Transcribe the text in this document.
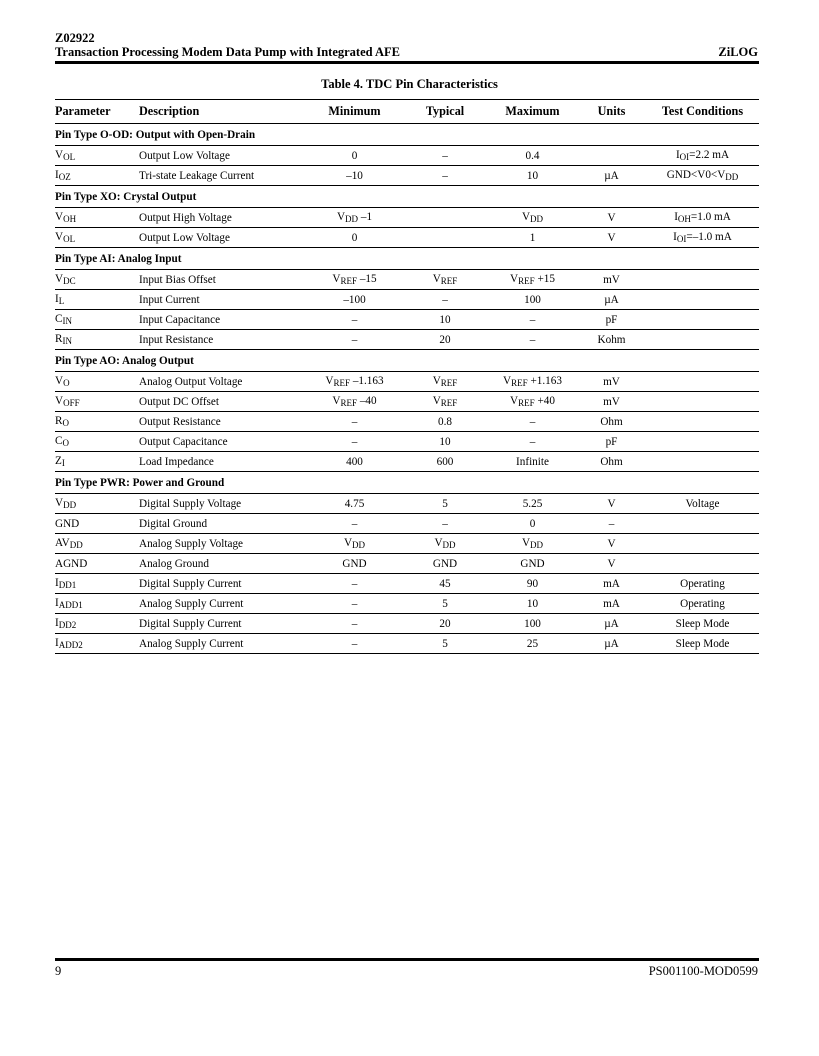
Z02922
Transaction Processing Modem Data Pump with Integrated AFE	ZiLOG
Table 4. TDC Pin Characteristics
Parameter	Description	Minimum	Typical	Maximum	Units	Test Conditions
Pin Type O-OD: Output with Open-Drain						
VOL	Output Low Voltage	0	–	0.4		IOI=2.2 mA
IOZ	Tri-state Leakage Current	–10	–	10	µA	GND<V0<VDD
Pin Type XO: Crystal Output						
VOH	Output High Voltage	VDD –1		VDD	V	IOH=1.0 mA
VOL	Output Low Voltage	0		1	V	IOI=–1.0 mA
Pin Type AI: Analog Input						
VDC	Input Bias Offset	VREF –15	VREF	VREF +15	mV	
IL	Input Current	–100	–	100	µA	
CIN	Input Capacitance	–	10	–	pF	
RIN	Input Resistance	–	20	–	Kohm	
Pin Type AO: Analog Output						
VO	Analog Output Voltage	VREF –1.163	VREF	VREF +1.163	mV	
VOFF	Output DC Offset	VREF –40	VREF	VREF +40	mV	
RO	Output Resistance	–	0.8	–	Ohm	
CO	Output Capacitance	–	10	–	pF	
ZI	Load Impedance	400	600	Infinite	Ohm	
Pin Type PWR: Power and Ground						
VDD	Digital Supply Voltage	4.75	5	5.25	V	Voltage
GND	Digital Ground	–	–	0	–	
AVDD	Analog Supply Voltage	VDD	VDD	VDD	V	
AGND	Analog Ground	GND	GND	GND	V	
IDD1	Digital Supply Current	–	45	90	mA	Operating
IADD1	Analog Supply Current	–	5	10	mA	Operating
IDD2	Digital Supply Current	–	20	100	µA	Sleep Mode
IADD2	Analog Supply Current	–	5	25	µA	Sleep Mode
9	PS001100-MOD0599
